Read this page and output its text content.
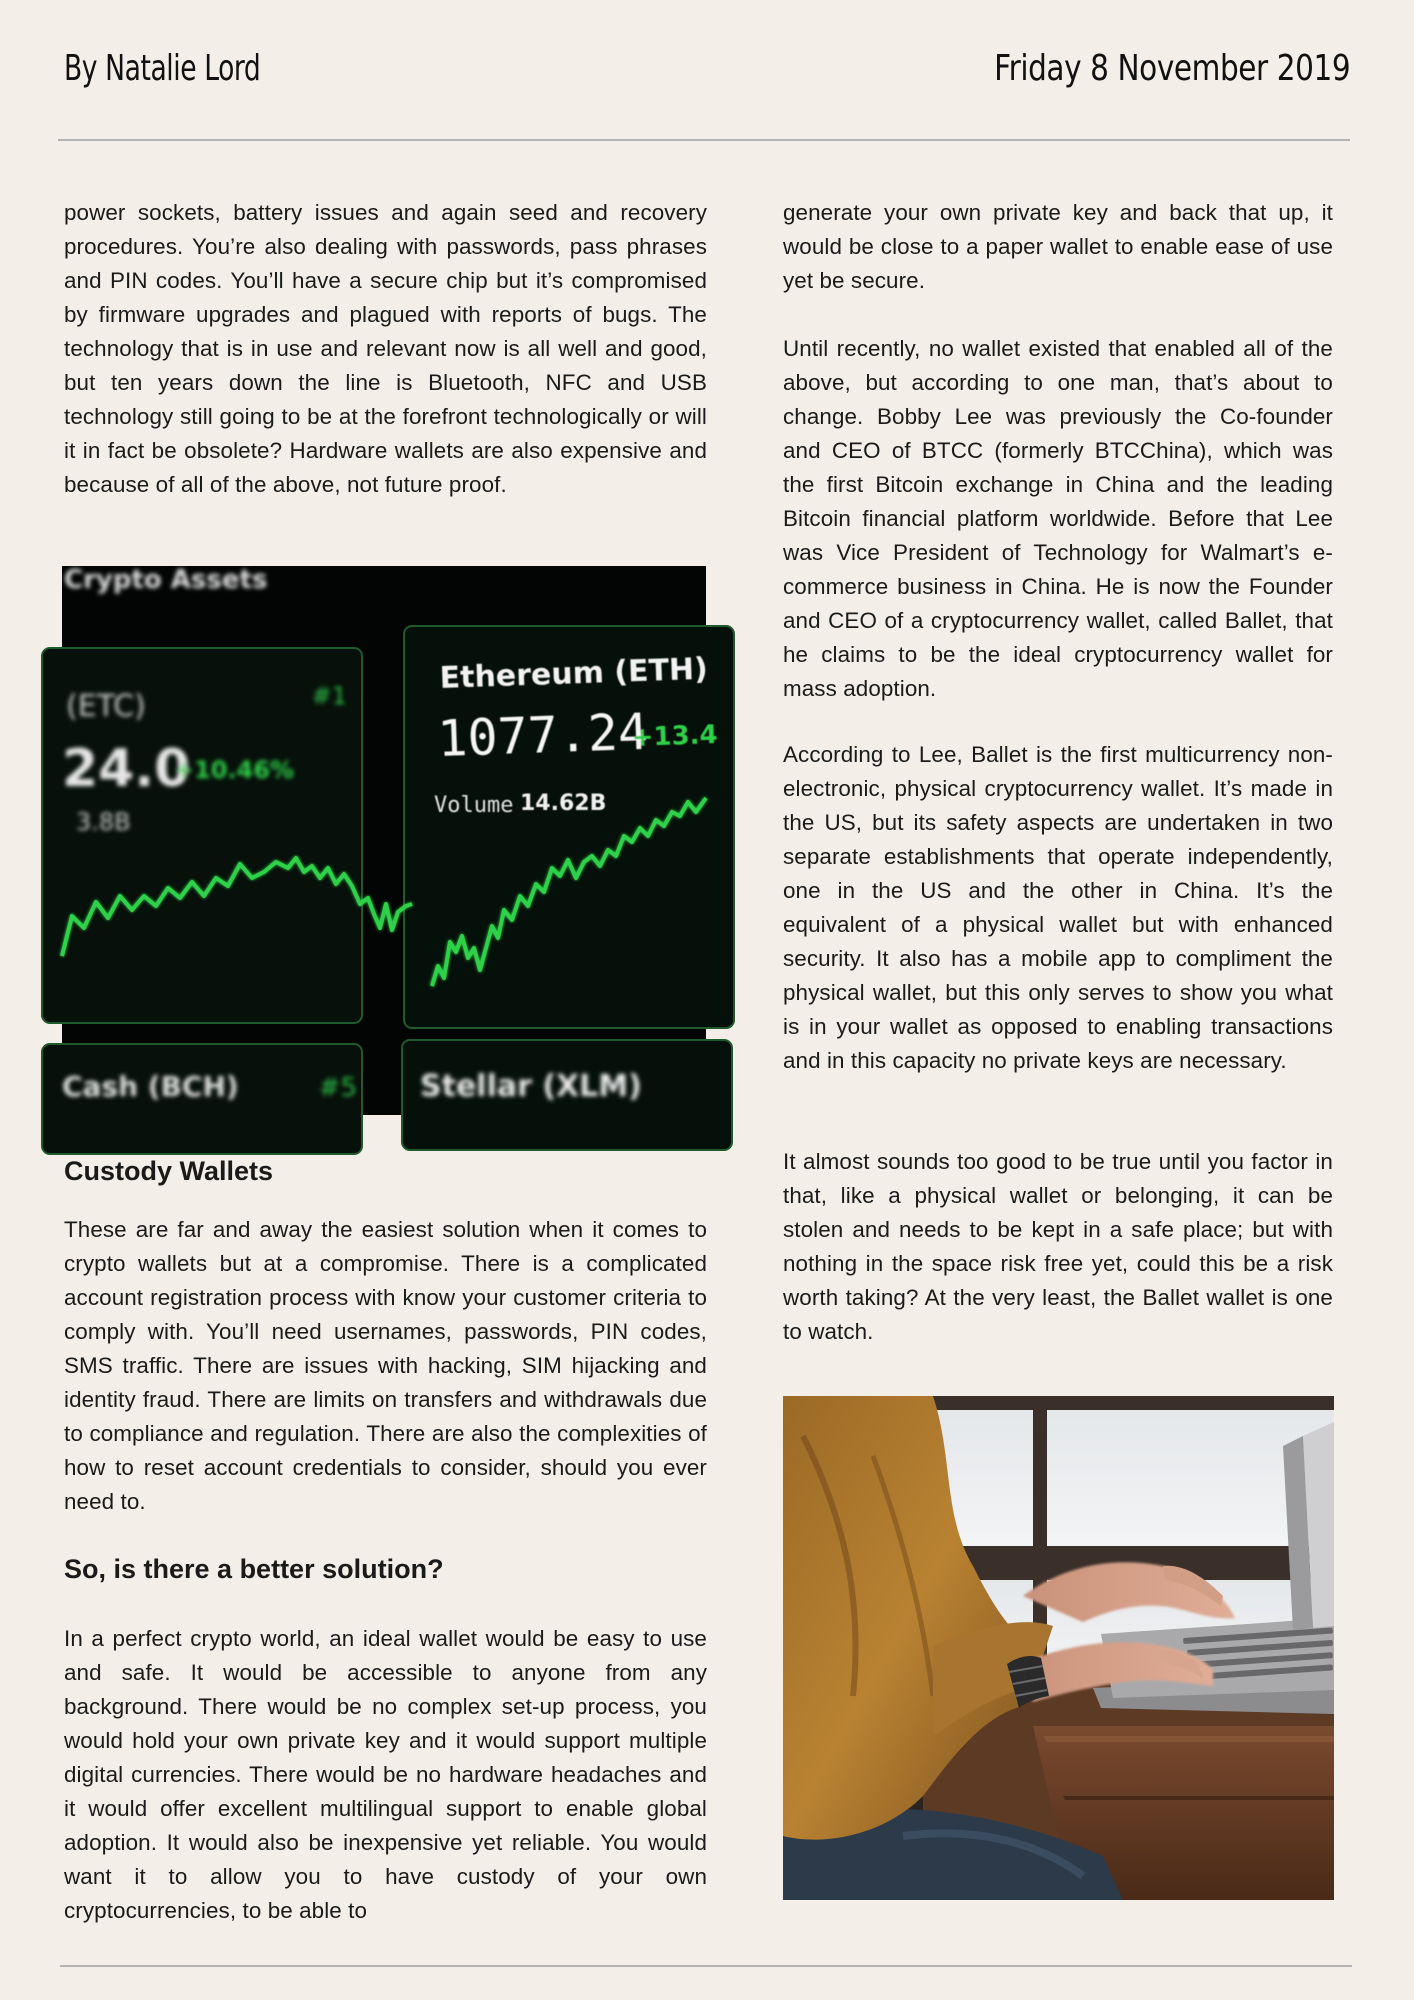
By Natalie Lord	Friday 8 November 2019

power sockets, battery issues and again seed and recovery procedures. You’re also dealing with passwords, pass phrases and PIN codes. You’ll have a secure chip but it’s compromised by firmware upgrades and plagued with reports of bugs. The technology that is in use and relevant now is all well and good, but ten years down the line is Bluetooth, NFC and USB technology still going to be at the forefront technologically or will it in fact be obsolete? Hardware wallets are also expensive and because of all of the above, not future proof.

Crypto Assets
(ETC)	#1
24.0
+10.46%
3.8B
Cash (BCH)	#5 Stellar (XLM)
Ethereum (ETH)
1077.24
+13.4
Volume 14.62B
Custody Wallets

These are far and away the easiest solution when it comes to crypto wallets but at a compromise. There is a complicated account registration process with know your customer criteria to comply with. You’ll need usernames, passwords, PIN codes, SMS traffic. There are issues with hacking, SIM hijacking and identity fraud. There are limits on transfers and withdrawals due to compliance and regulation. There are also the complexities of how to reset account credentials to consider, should you ever need to.

So, is there a better solution?

In a perfect crypto world, an ideal wallet would be easy to use and safe. It would be accessible to anyone from any background. There would be no complex set-up process, you would hold your own private key and it would support multiple digital currencies. There would be no hardware headaches and it would offer excellent multilingual support to enable global adoption. It would also be inexpensive yet reliable. You would want it to allow you to have custody of your own cryptocurrencies, to be able to

generate your own private key and back that up, it would be close to a paper wallet to enable ease of use yet be secure.

Until recently, no wallet existed that enabled all of the above, but according to one man, that’s about to change. Bobby Lee was previously the Co-founder and CEO of BTCC (formerly BTCChina), which was the first Bitcoin exchange in China and the leading Bitcoin financial platform worldwide. Before that Lee was Vice President of Technology for Walmart’s e-commerce business in China. He is now the Founder and CEO of a cryptocurrency wallet, called Ballet, that he claims to be the ideal cryptocurrency wallet for mass adoption.

According to Lee, Ballet is the first multicurrency non-electronic, physical cryptocurrency wallet. It’s made in the US, but its safety aspects are undertaken in two separate establishments that operate independently, one in the US and the other in China. It’s the equivalent of a physical wallet but with enhanced security. It also has a mobile app to compliment the physical wallet, but this only serves to show you what is in your wallet as opposed to enabling transactions and in this capacity no private keys are necessary.

It almost sounds too good to be true until you factor in that, like a physical wallet or belonging, it can be stolen and needs to be kept in a safe place; but with nothing in the space risk free yet, could this be a risk worth taking? At the very least, the Ballet wallet is one to watch.
